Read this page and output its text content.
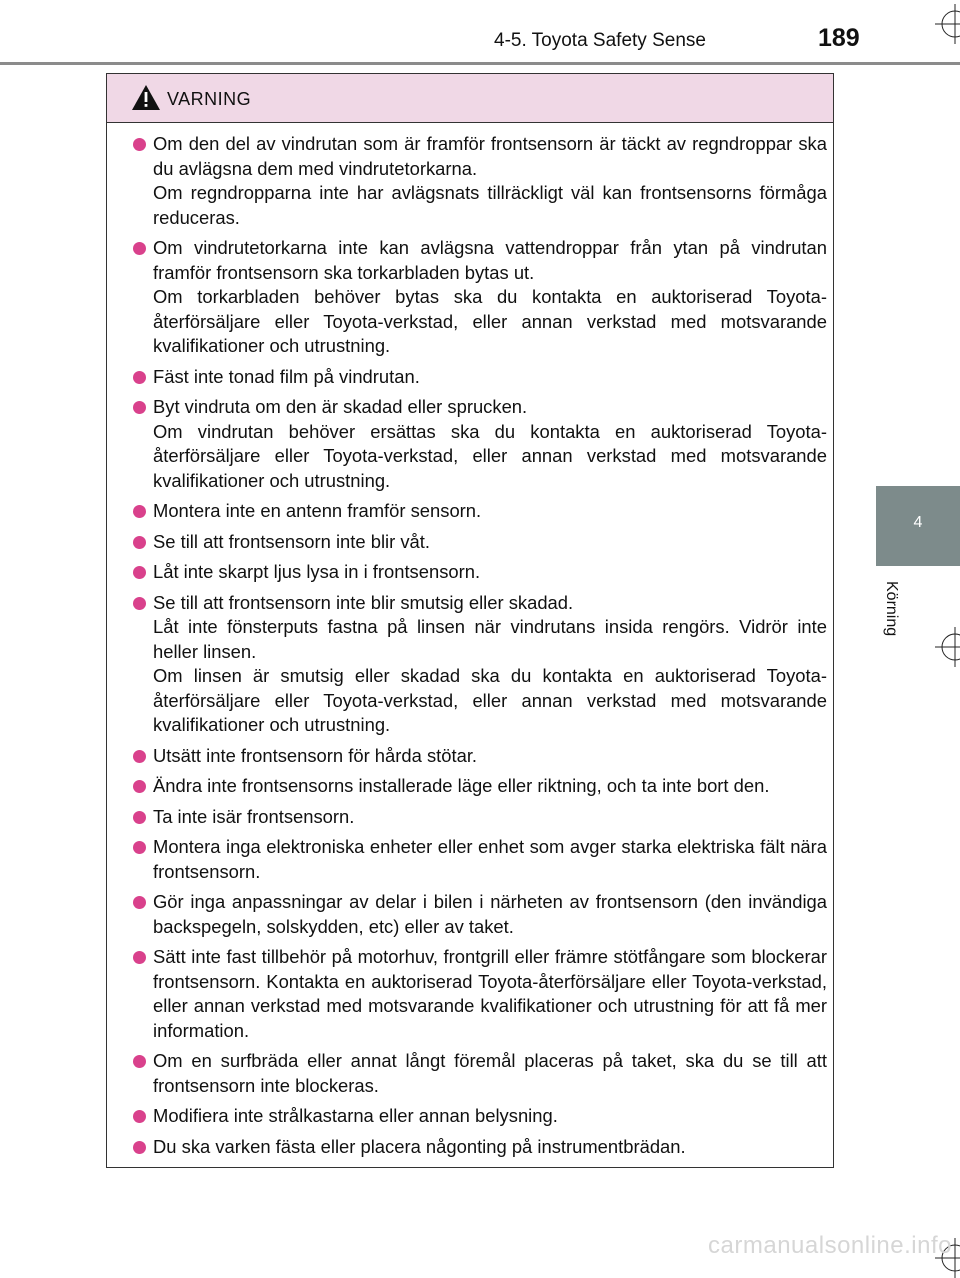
4-5. Toyota Safety Sense	189
4
Körning
VARNING
Om den del av vindrutan som är framför frontsensorn är täckt av regndroppar ska du avlägsna dem med vindrutetorkarna.
Om regndropparna inte har avlägsnats tillräckligt väl kan frontsensorns förmåga reduceras.
Om vindrutetorkarna inte kan avlägsna vattendroppar från ytan på vindrutan framför frontsensorn ska torkarbladen bytas ut.
Om torkarbladen behöver bytas ska du kontakta en auktoriserad Toyota-återförsäljare eller Toyota-verkstad, eller annan verkstad med motsvarande kvalifikationer och utrustning.
Fäst inte tonad film på vindrutan.
Byt vindruta om den är skadad eller sprucken.
Om vindrutan behöver ersättas ska du kontakta en auktoriserad Toyota-återförsäljare eller Toyota-verkstad, eller annan verkstad med motsvarande kvalifikationer och utrustning.
Montera inte en antenn framför sensorn.
Se till att frontsensorn inte blir våt.
Låt inte skarpt ljus lysa in i frontsensorn.
Se till att frontsensorn inte blir smutsig eller skadad.
Låt inte fönsterputs fastna på linsen när vindrutans insida rengörs. Vidrör inte heller linsen.
Om linsen är smutsig eller skadad ska du kontakta en auktoriserad Toyota-återförsäljare eller Toyota-verkstad, eller annan verkstad med motsvarande kvalifikationer och utrustning.
Utsätt inte frontsensorn för hårda stötar.
Ändra inte frontsensorns installerade läge eller riktning, och ta inte bort den.
Ta inte isär frontsensorn.
Montera inga elektroniska enheter eller enhet som avger starka elektriska fält nära frontsensorn.
Gör inga anpassningar av delar i bilen i närheten av frontsensorn (den invändiga backspegeln, solskydden, etc) eller av taket.
Sätt inte fast tillbehör på motorhuv, frontgrill eller främre stötfångare som blockerar frontsensorn. Kontakta en auktoriserad Toyota-återförsäljare eller Toyota-verkstad, eller annan verkstad med motsvarande kvalifikationer och utrustning för att få mer information.
Om en surfbräda eller annat långt föremål placeras på taket, ska du se till att frontsensorn inte blockeras.
Modifiera inte strålkastarna eller annan belysning.
Du ska varken fästa eller placera någonting på instrumentbrädan.
carmanualsonline.info
